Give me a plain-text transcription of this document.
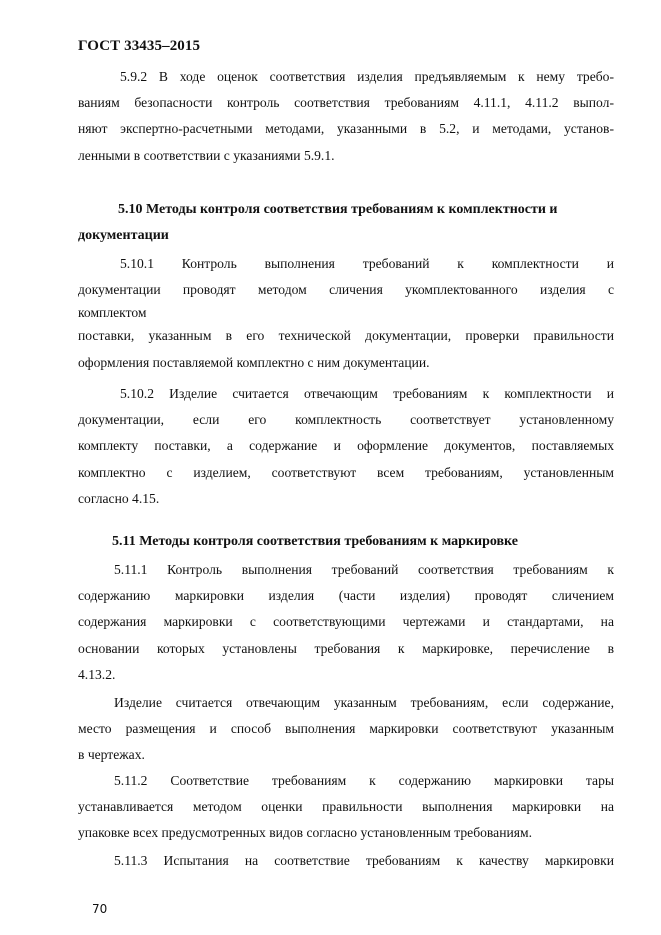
ГОСТ 33435–2015
5.9.2 В ходе оценок соответствия изделия предъявляемым к нему требо-
ваниям безопасности контроль соответствия требованиям 4.11.1, 4.11.2 выпол-
няют экспертно-расчетными методами, указанными в 5.2, и методами, установ-
ленными в соответствии с указаниями 5.9.1.
5.10 Методы контроля соответствия требованиям к комплектности и
документации
5.10.1 Контроль выполнения требований к комплектности и
документации проводят методом сличения укомплектованного изделия с
комплектом
поставки, указанным в его технической документации, проверки правильности
оформления поставляемой комплектно с ним документации.
5.10.2 Изделие считается отвечающим требованиям к комплектности и
документации, если его комплектность соответствует установленному
комплекту поставки, а содержание и оформление документов, поставляемых
комплектно с изделием, соответствуют всем требованиям, установленным
согласно 4.15.
5.11 Методы контроля соответствия требованиям к маркировке
5.11.1 Контроль выполнения требований соответствия требованиям к
содержанию маркировки изделия (части изделия) проводят сличением
содержания маркировки с соответствующими чертежами и стандартами, на
основании которых установлены требования к маркировке, перечисление в
4.13.2.
Изделие считается отвечающим указанным требованиям, если содержание,
место размещения и способ выполнения маркировки соответствуют указанным
в чертежах.
5.11.2 Соответствие требованиям к содержанию маркировки тары
устанавливается методом оценки правильности выполнения маркировки на
упаковке всех предусмотренных видов согласно установленным требованиям.
5.11.3 Испытания на соответствие требованиям к качеству маркировки
70
